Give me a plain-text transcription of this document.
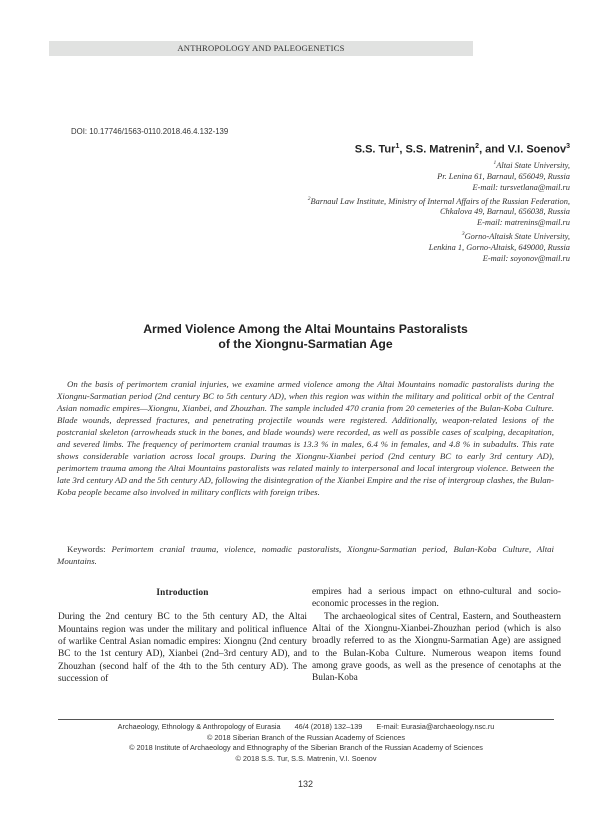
ANTHROPOLOGY AND PALEOGENETICS
DOI: 10.17746/1563-0110.2018.46.4.132-139
S.S. Tur$^1$, S.S. Matrenin$^2$, and V.I. Soenov$^3$
$^1$Altai State University,
Pr. Lenina 61, Barnaul, 656049, Russia
E-mail: tursvetlana@mail.ru
$^2$Barnaul Law Institute, Ministry of Internal Affairs of the Russian Federation,
Chkalova 49, Barnaul, 656038, Russia
E-mail: matrenins@mail.ru
$^3$Gorno-Altaisk State University,
Lenkina 1, Gorno-Altaisk, 649000, Russia
E-mail: soyonov@mail.ru
Armed Violence Among the Altai Mountains Pastoralists
of the Xiongnu-Sarmatian Age

On the basis of perimortem cranial injuries, we examine armed violence among the Altai Mountains nomadic pastoralists during the Xiongnu-Sarmatian period (2nd century BC to 5th century AD), when this region was within the military and political orbit of the Central Asian nomadic empires—Xiongnu, Xianbei, and Zhouzhan. The sample included 470 crania from 20 cemeteries of the Bulan-Koba Culture. Blade wounds, depressed fractures, and penetrating projectile wounds were registered. Additionally, weapon-related lesions of the postcranial skeleton (arrowheads stuck in the bones, and blade wounds) were recorded, as well as possible cases of scalping, decapitation, and severed limbs. The frequency of perimortem cranial traumas is 13.3 % in males, 6.4 % in females, and 4.8 % in subadults. This rate shows considerable variation across local groups. During the Xiongnu-Xianbei period (2nd century BC to early 3rd century AD), perimortem trauma among the Altai Mountains pastoralists was related mainly to interpersonal and local intergroup violence. Between the late 3rd century AD and the 5th century AD, following the disintegration of the Xianbei Empire and the rise of intergroup clashes, the Bulan-Koba people became also involved in military conflicts with foreign tribes.

Keywords: Perimortem cranial trauma, violence, nomadic pastoralists, Xiongnu-Sarmatian period, Bulan-Koba Culture, Altai Mountains.

Introduction

During the 2nd century BC to the 5th century AD, the Altai Mountains region was under the military and political influence of warlike Central Asian nomadic empires: Xiongnu (2nd century BC to the 1st century AD), Xianbei (2nd–3rd century AD), and Zhouzhan (second half of the 4th to the 5th century AD). The succession of

empires had a serious impact on ethno-cultural and socio-economic processes in the region.

The archaeological sites of Central, Eastern, and Southeastern Altai of the Xiongnu-Xianbei-Zhouzhan period (which is also broadly referred to as the Xiongnu-Sarmatian Age) are assigned to the Bulan-Koba Culture. Numerous weapon items found among grave goods, as well as the presence of cenotaphs at the Bulan-Koba

Archaeology, Ethnology & Anthropology of Eurasia 46/4 (2018) 132–139 E-mail: Eurasia@archaeology.nsc.ru
© 2018 Siberian Branch of the Russian Academy of Sciences
© 2018 Institute of Archaeology and Ethnography of the Siberian Branch of the Russian Academy of Sciences
© 2018 S.S. Tur, S.S. Matrenin, V.I. Soenov
132
